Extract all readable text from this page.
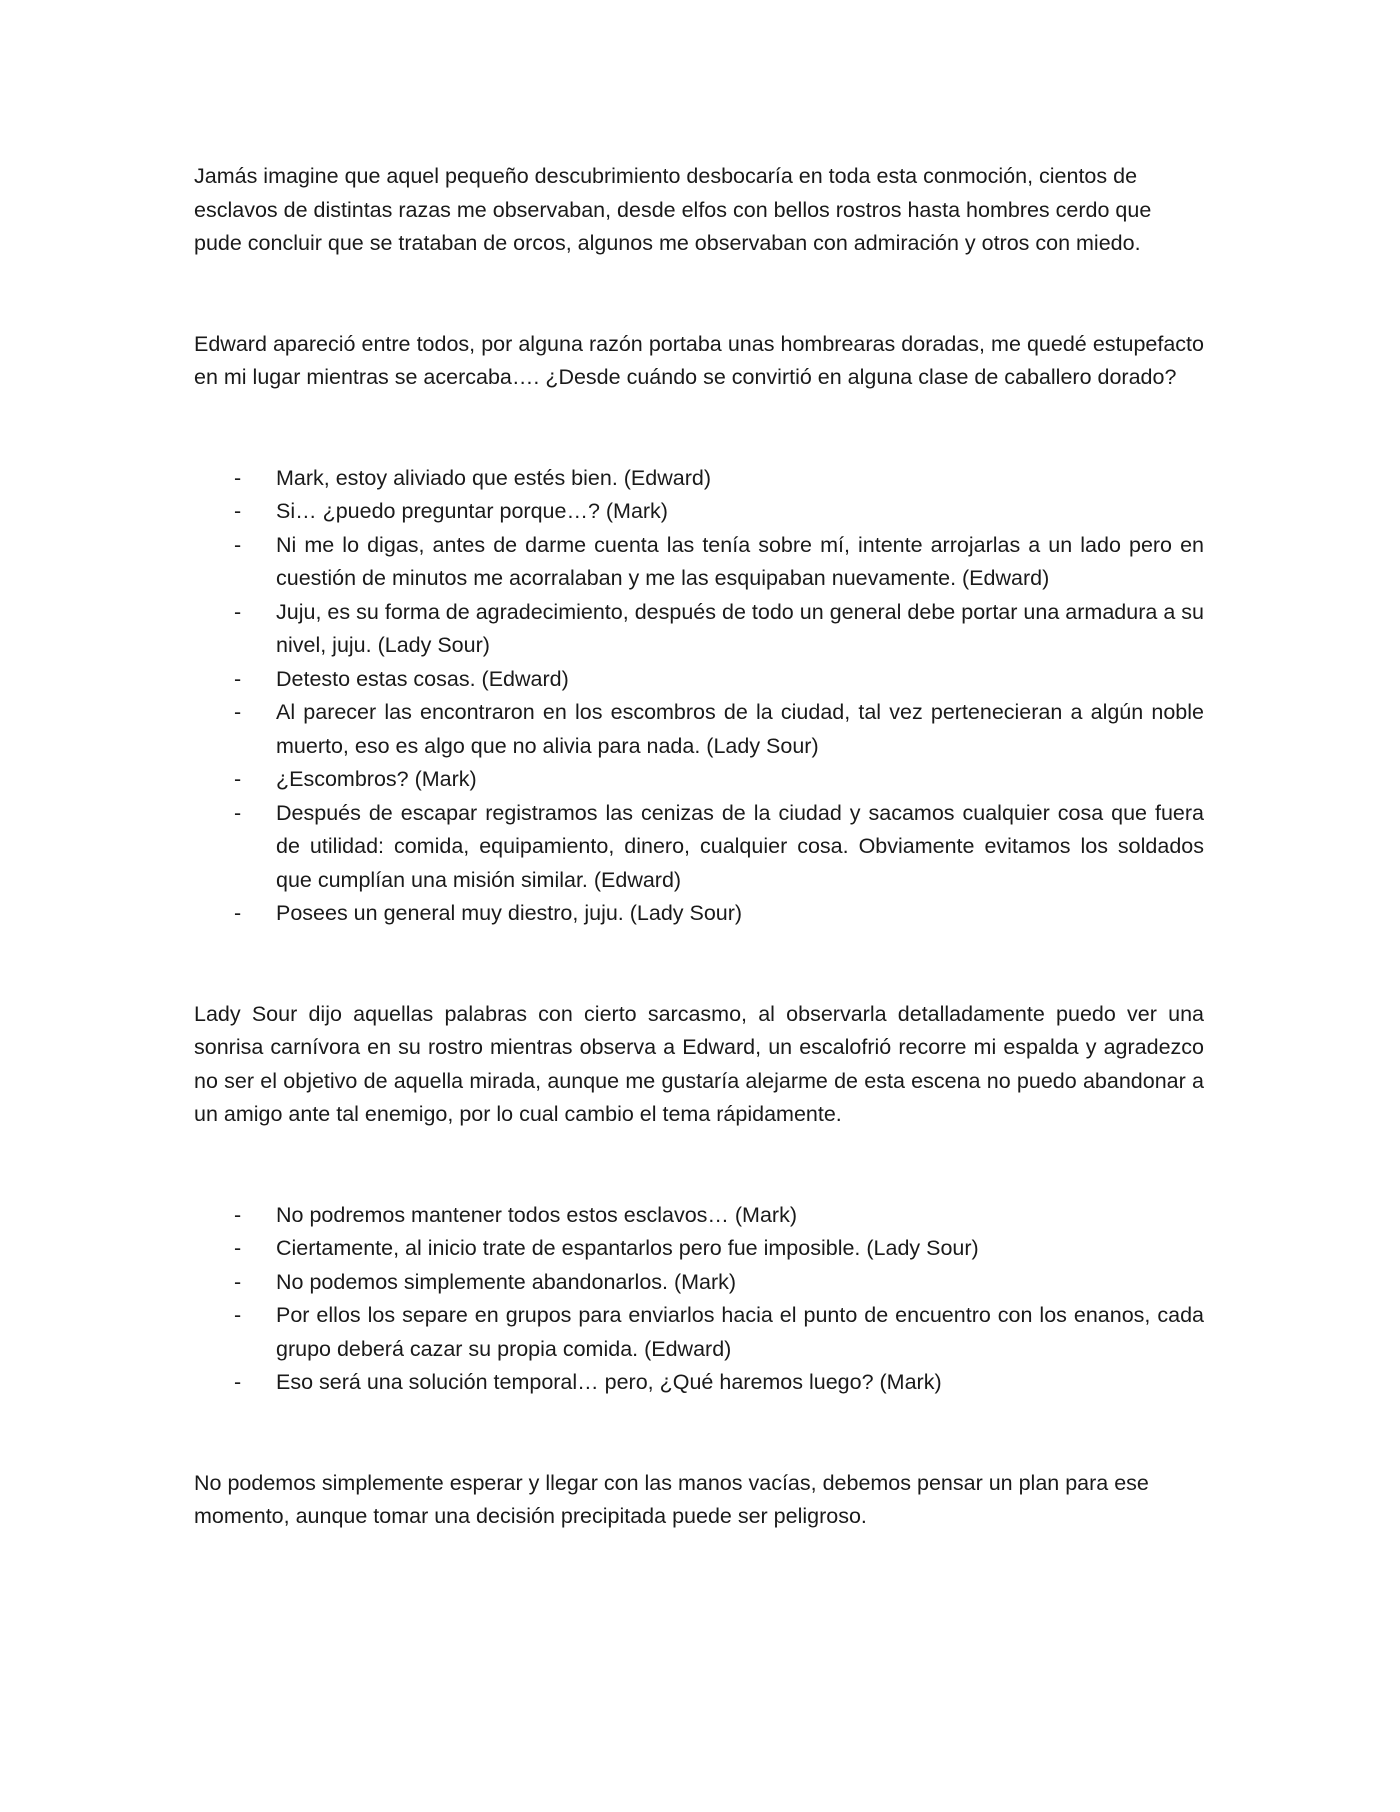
Jamás imagine que aquel pequeño descubrimiento desbocaría en toda esta conmoción, cientos de esclavos de distintas razas me observaban, desde elfos con bellos rostros hasta hombres cerdo que pude concluir que se trataban de orcos, algunos me observaban con admiración y otros con miedo.

Edward apareció entre todos, por alguna razón portaba unas hombrearas doradas, me quedé estupefacto en mi lugar mientras se acercaba…. ¿Desde cuándo se convirtió en alguna clase de caballero dorado?

- Mark, estoy aliviado que estés bien. (Edward)
- Si… ¿puedo preguntar porque…? (Mark)
- Ni me lo digas, antes de darme cuenta las tenía sobre mí, intente arrojarlas a un lado pero en cuestión de minutos me acorralaban y me las esquipaban nuevamente. (Edward)
- Juju, es su forma de agradecimiento, después de todo un general debe portar una armadura a su nivel, juju. (Lady Sour)
- Detesto estas cosas. (Edward)
- Al parecer las encontraron en los escombros de la ciudad, tal vez pertenecieran a algún noble muerto, eso es algo que no alivia para nada. (Lady Sour)
- ¿Escombros? (Mark)
- Después de escapar registramos las cenizas de la ciudad y sacamos cualquier cosa que fuera de utilidad: comida, equipamiento, dinero, cualquier cosa. Obviamente evitamos los soldados que cumplían una misión similar. (Edward)
- Posees un general muy diestro, juju. (Lady Sour)

Lady Sour dijo aquellas palabras con cierto sarcasmo, al observarla detalladamente puedo ver una sonrisa carnívora en su rostro mientras observa a Edward, un escalofrió recorre mi espalda y agradezco no ser el objetivo de aquella mirada, aunque me gustaría alejarme de esta escena no puedo abandonar a un amigo ante tal enemigo, por lo cual cambio el tema rápidamente.

- No podremos mantener todos estos esclavos… (Mark)
- Ciertamente, al inicio trate de espantarlos pero fue imposible. (Lady Sour)
- No podemos simplemente abandonarlos. (Mark)
- Por ellos los separe en grupos para enviarlos hacia el punto de encuentro con los enanos, cada grupo deberá cazar su propia comida. (Edward)
- Eso será una solución temporal… pero, ¿Qué haremos luego? (Mark)

No podemos simplemente esperar y llegar con las manos vacías, debemos pensar un plan para ese momento, aunque tomar una decisión precipitada puede ser peligroso.
